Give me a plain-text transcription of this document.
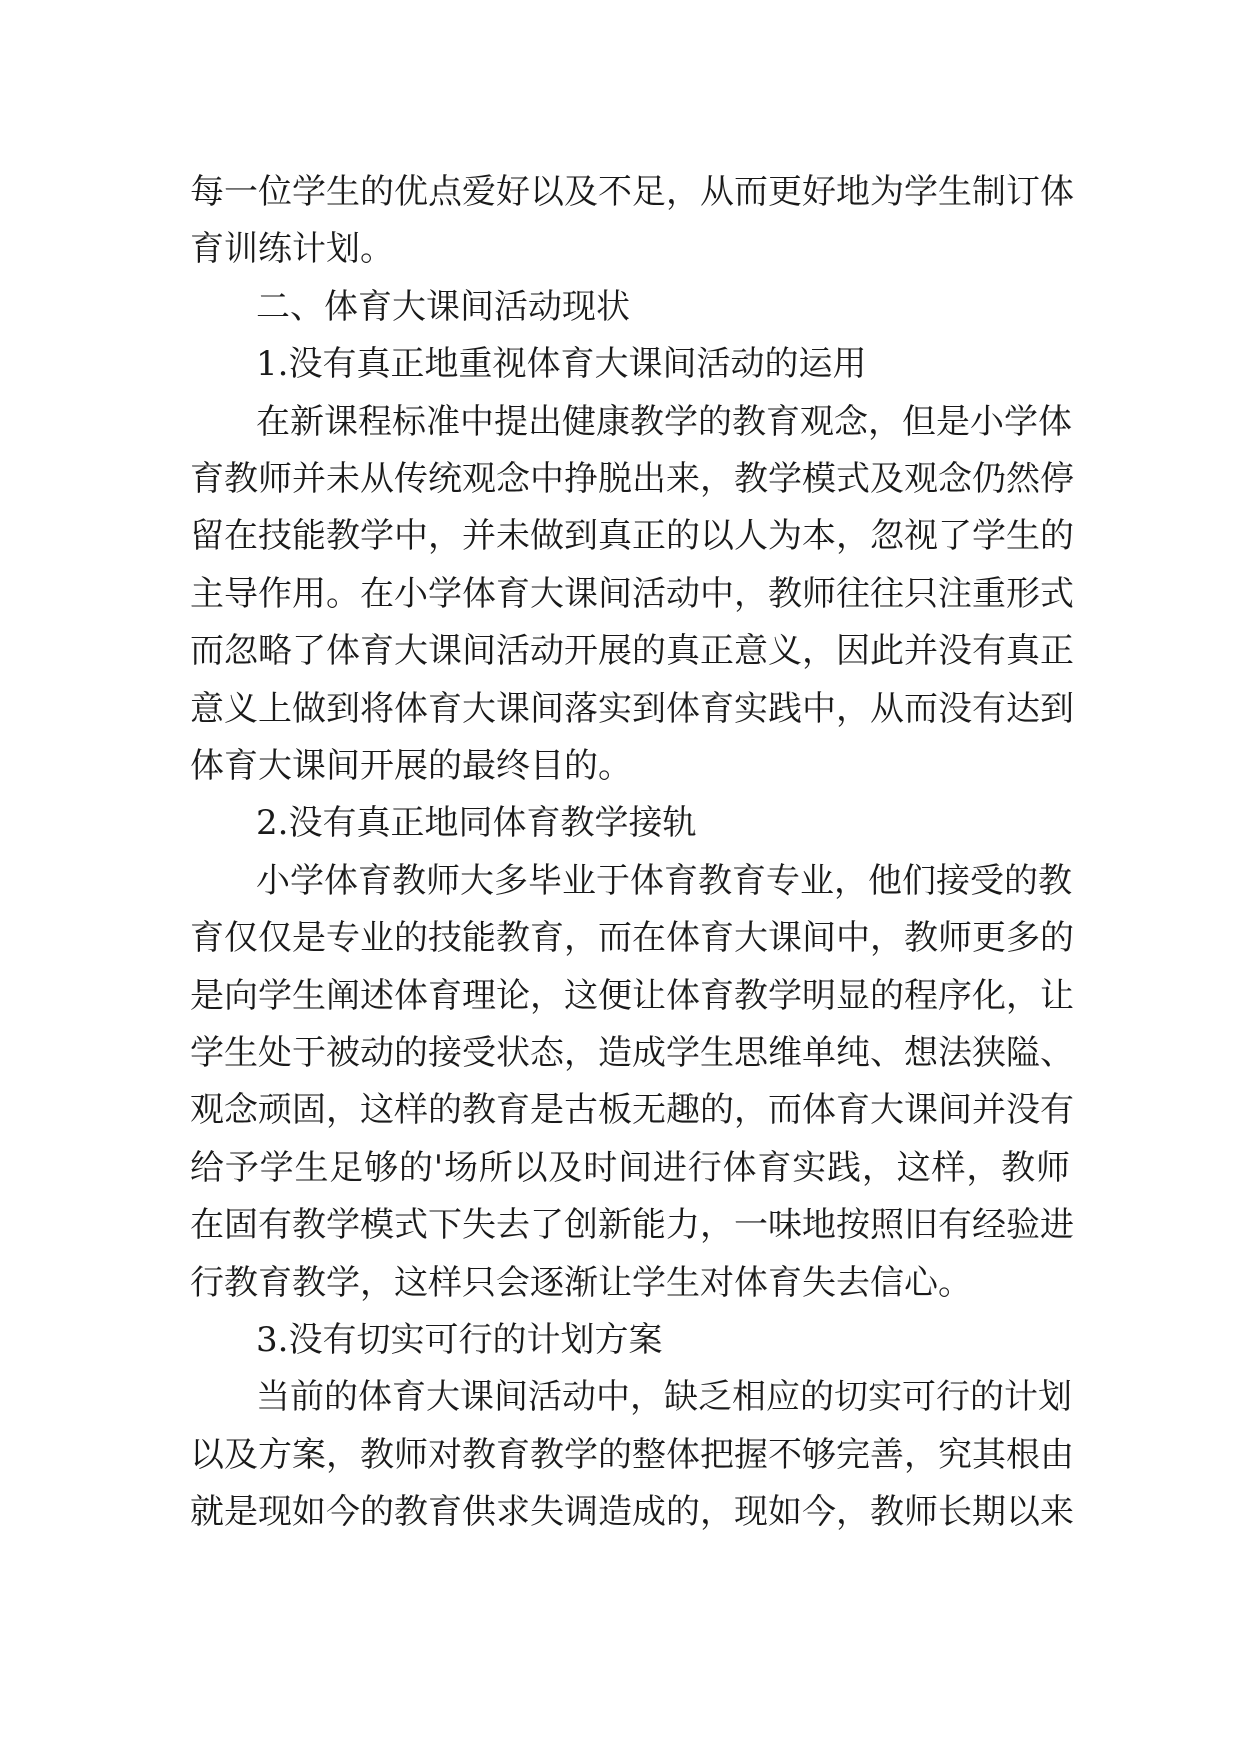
每一位学生的优点爱好以及不足，从而更好地为学生制订体
育训练计划。
二、体育大课间活动现状
1.没有真正地重视体育大课间活动的运用
在新课程标准中提出健康教学的教育观念，但是小学体
育教师并未从传统观念中挣脱出来，教学模式及观念仍然停
留在技能教学中，并未做到真正的以人为本，忽视了学生的
主导作用。在小学体育大课间活动中，教师往往只注重形式
而忽略了体育大课间活动开展的真正意义，因此并没有真正
意义上做到将体育大课间落实到体育实践中，从而没有达到
体育大课间开展的最终目的。
2.没有真正地同体育教学接轨
小学体育教师大多毕业于体育教育专业，他们接受的教
育仅仅是专业的技能教育，而在体育大课间中，教师更多的
是向学生阐述体育理论，这便让体育教学明显的程序化，让
学生处于被动的接受状态，造成学生思维单纯、想法狭隘、
观念顽固，这样的教育是古板无趣的，而体育大课间并没有
给予学生足够的'场所以及时间进行体育实践，这样，教师
在固有教学模式下失去了创新能力，一味地按照旧有经验进
行教育教学，这样只会逐渐让学生对体育失去信心。
3.没有切实可行的计划方案
当前的体育大课间活动中，缺乏相应的切实可行的计划
以及方案，教师对教育教学的整体把握不够完善，究其根由
就是现如今的教育供求失调造成的，现如今，教师长期以来
